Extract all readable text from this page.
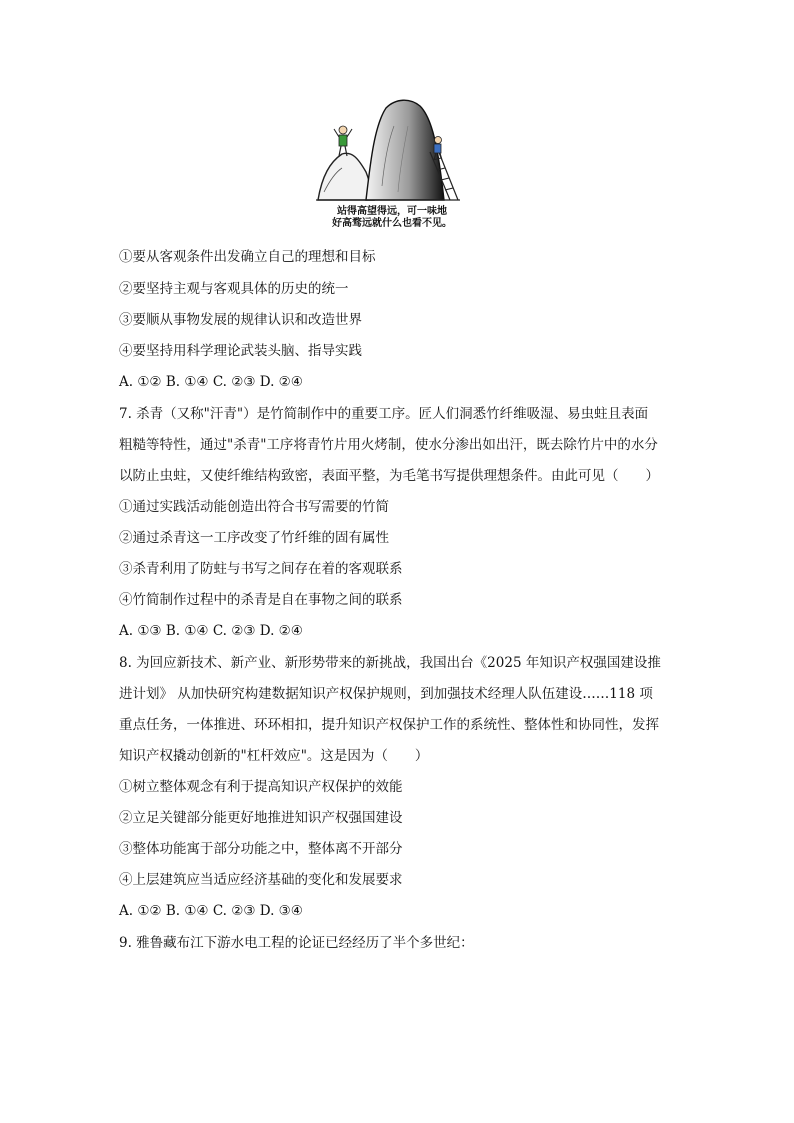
站得高望得远，可一味地
好高骛远就什么也看不见。
①要从客观条件出发确立自己的理想和目标
②要坚持主观与客观具体的历史的统一
③要顺从事物发展的规律认识和改造世界
④要坚持用科学理论武装头脑、指导实践
A. ①② B. ①④ C. ②③ D. ②④
7. 杀青（又称"汗青"）是竹简制作中的重要工序。匠人们洞悉竹纤维吸湿、易虫蛀且表面
粗糙等特性，通过"杀青"工序将青竹片用火烤制，使水分渗出如出汗，既去除竹片中的水分
以防止虫蛀，又使纤维结构致密，表面平整，为毛笔书写提供理想条件。由此可见（　　）
①通过实践活动能创造出符合书写需要的竹简
②通过杀青这一工序改变了竹纤维的固有属性
③杀青利用了防蛀与书写之间存在着的客观联系
④竹简制作过程中的杀青是自在事物之间的联系
A. ①③ B. ①④ C. ②③ D. ②④
8. 为回应新技术、新产业、新形势带来的新挑战，我国出台《2025 年知识产权强国建设推
进计划》 从加快研究构建数据知识产权保护规则，到加强技术经理人队伍建设……118 项
重点任务，一体推进、环环相扣，提升知识产权保护工作的系统性、整体性和协同性，发挥
知识产权撬动创新的"杠杆效应"。这是因为（　　）
①树立整体观念有利于提高知识产权保护的效能
②立足关键部分能更好地推进知识产权强国建设
③整体功能寓于部分功能之中，整体离不开部分
④上层建筑应当适应经济基础的变化和发展要求
A. ①② B. ①④ C. ②③ D. ③④
9. 雅鲁藏布江下游水电工程的论证已经经历了半个多世纪：
